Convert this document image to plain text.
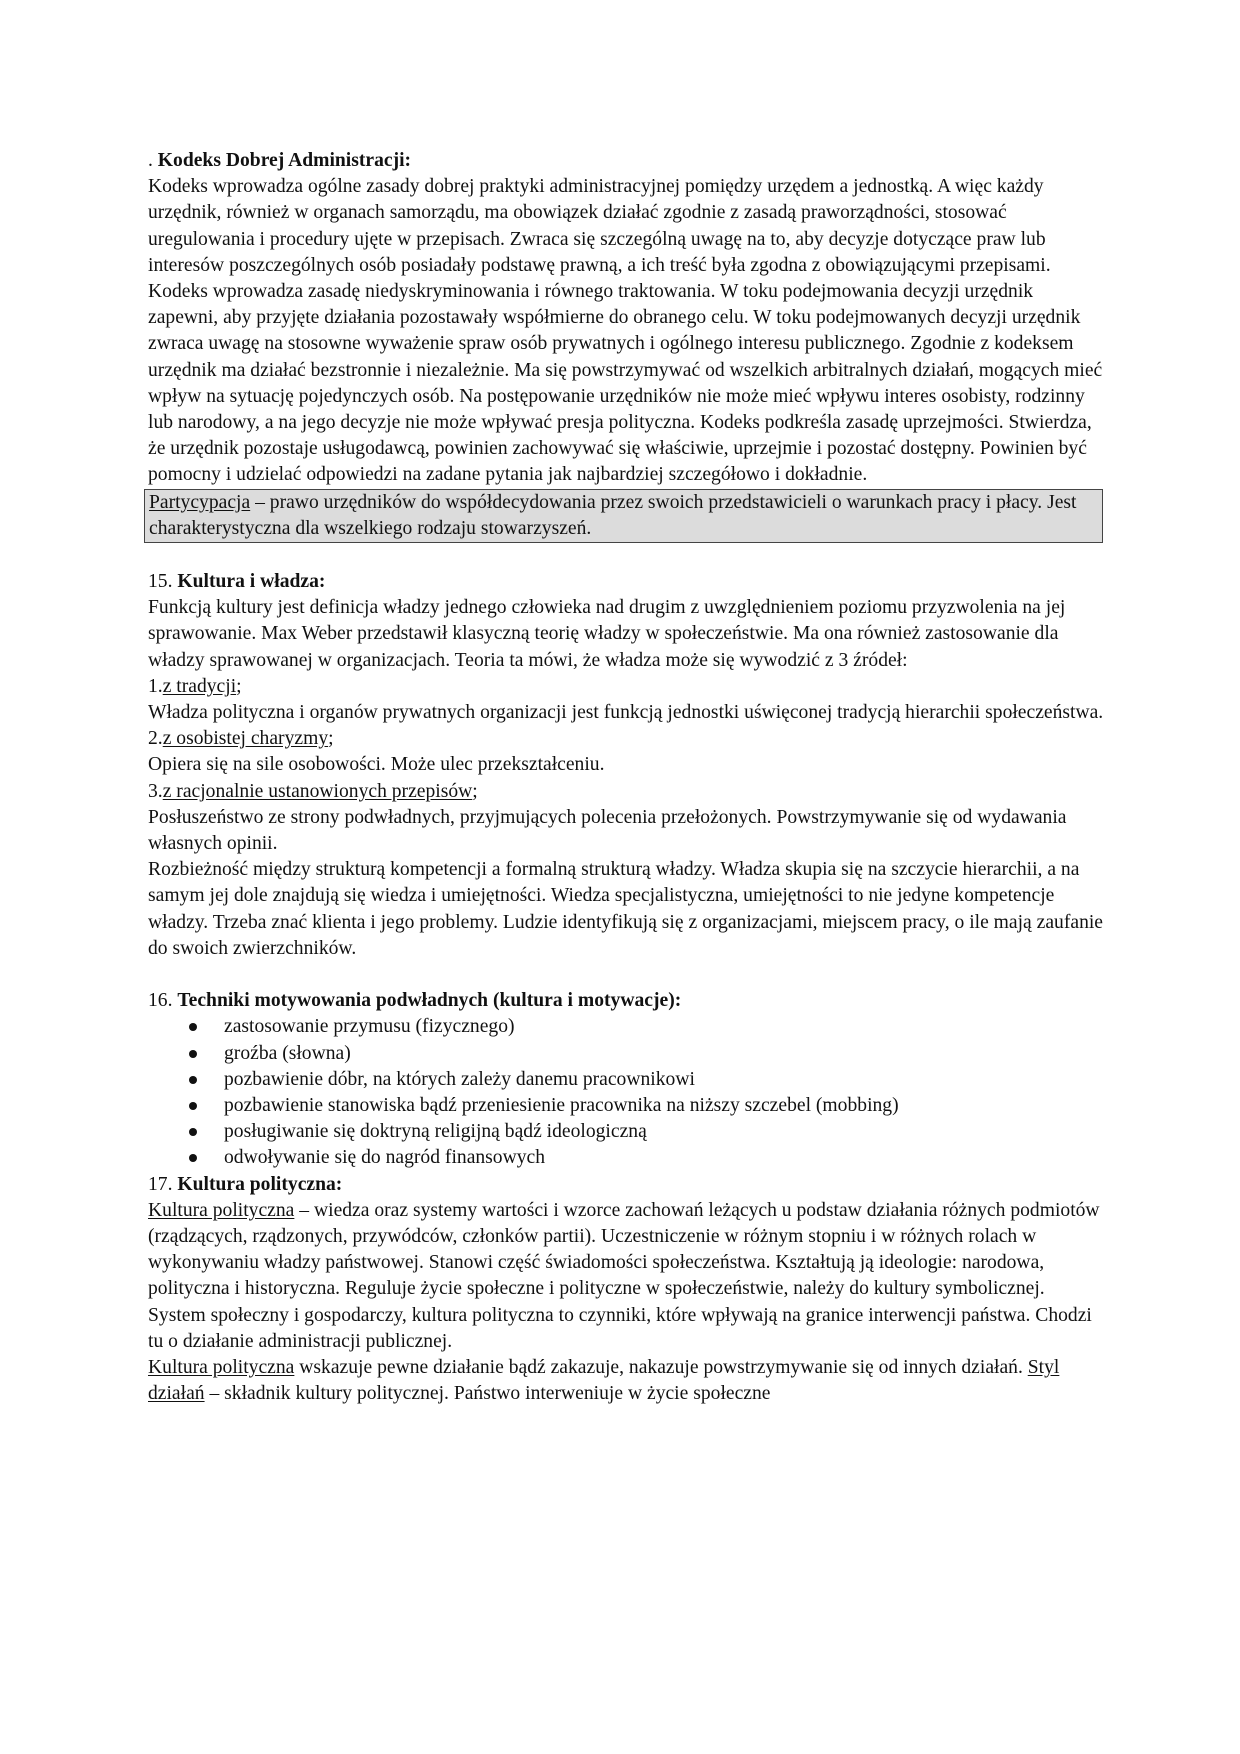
. Kodeks Dobrej Administracji:

Kodeks wprowadza ogólne zasady dobrej praktyki administracyjnej pomiędzy urzędem a jednostką. A więc każdy urzędnik, również w organach samorządu, ma obowiązek działać zgodnie z zasadą praworządności, stosować uregulowania i procedury ujęte w przepisach. Zwraca się szczególną uwagę na to, aby decyzje dotyczące praw lub interesów poszczególnych osób posiadały podstawę prawną, a ich treść była zgodna z obowiązującymi przepisami. Kodeks wprowadza zasadę niedyskryminowania i równego traktowania. W toku podejmowania decyzji urzędnik zapewni, aby przyjęte działania pozostawały współmierne do obranego celu. W toku podejmowanych decyzji urzędnik zwraca uwagę na stosowne wyważenie spraw osób prywatnych i ogólnego interesu publicznego. Zgodnie z kodeksem urzędnik ma działać bezstronnie i niezależnie. Ma się powstrzymywać od wszelkich arbitralnych działań, mogących mieć wpływ na sytuację pojedynczych osób. Na postępowanie urzędników nie może mieć wpływu interes osobisty, rodzinny lub narodowy, a na jego decyzje nie może wpływać presja polityczna. Kodeks podkreśla zasadę uprzejmości. Stwierdza, że urzędnik pozostaje usługodawcą, powinien zachowywać się właściwie, uprzejmie i pozostać dostępny. Powinien być pomocny i udzielać odpowiedzi na zadane pytania jak najbardziej szczegółowo i dokładnie.

Partycypacja – prawo urzędników do współdecydowania przez swoich przedstawicieli o warunkach pracy i płacy. Jest charakterystyczna dla wszelkiego rodzaju stowarzyszeń.

15. Kultura i władza:

Funkcją kultury jest definicja władzy jednego człowieka nad drugim z uwzględnieniem poziomu przyzwolenia na jej sprawowanie. Max Weber przedstawił klasyczną teorię władzy w społeczeństwie. Ma ona również zastosowanie dla władzy sprawowanej w organizacjach. Teoria ta mówi, że władza może się wywodzić z 3 źródeł:

1.z tradycji;

Władza polityczna i organów prywatnych organizacji jest funkcją jednostki uświęconej tradycją hierarchii społeczeństwa.

2.z osobistej charyzmy;

Opiera się na sile osobowości. Może ulec przekształceniu.

3.z racjonalnie ustanowionych przepisów;

Posłuszeństwo ze strony podwładnych, przyjmujących polecenia przełożonych. Powstrzymywanie się od wydawania własnych opinii.

Rozbieżność między strukturą kompetencji a formalną strukturą władzy. Władza skupia się na szczycie hierarchii, a na samym jej dole znajdują się wiedza i umiejętności. Wiedza specjalistyczna, umiejętności to nie jedyne kompetencje władzy. Trzeba znać klienta i jego problemy. Ludzie identyfikują się z organizacjami, miejscem pracy, o ile mają zaufanie do swoich zwierzchników.

16. Techniki motywowania podwładnych (kultura i motywacje):

zastosowanie przymusu (fizycznego)
groźba (słowna)
pozbawienie dóbr, na których zależy danemu pracownikowi
pozbawienie stanowiska bądź przeniesienie pracownika na niższy szczebel (mobbing)
posługiwanie się doktryną religijną bądź ideologiczną
odwoływanie się do nagród finansowych

17. Kultura polityczna:

Kultura polityczna – wiedza oraz systemy wartości i wzorce zachowań leżących u podstaw działania różnych podmiotów (rządzących, rządzonych, przywódców, członków partii). Uczestniczenie w różnym stopniu i w różnych rolach w wykonywaniu władzy państwowej. Stanowi część świadomości społeczeństwa. Kształtują ją ideologie: narodowa, polityczna i historyczna. Reguluje życie społeczne i polityczne w społeczeństwie, należy do kultury symbolicznej. System społeczny i gospodarczy, kultura polityczna to czynniki, które wpływają na granice interwencji państwa. Chodzi tu o działanie administracji publicznej.

Kultura polityczna wskazuje pewne działanie bądź zakazuje, nakazuje powstrzymywanie się od innych działań. Styl działań – składnik kultury politycznej. Państwo interweniuje w życie społeczne
